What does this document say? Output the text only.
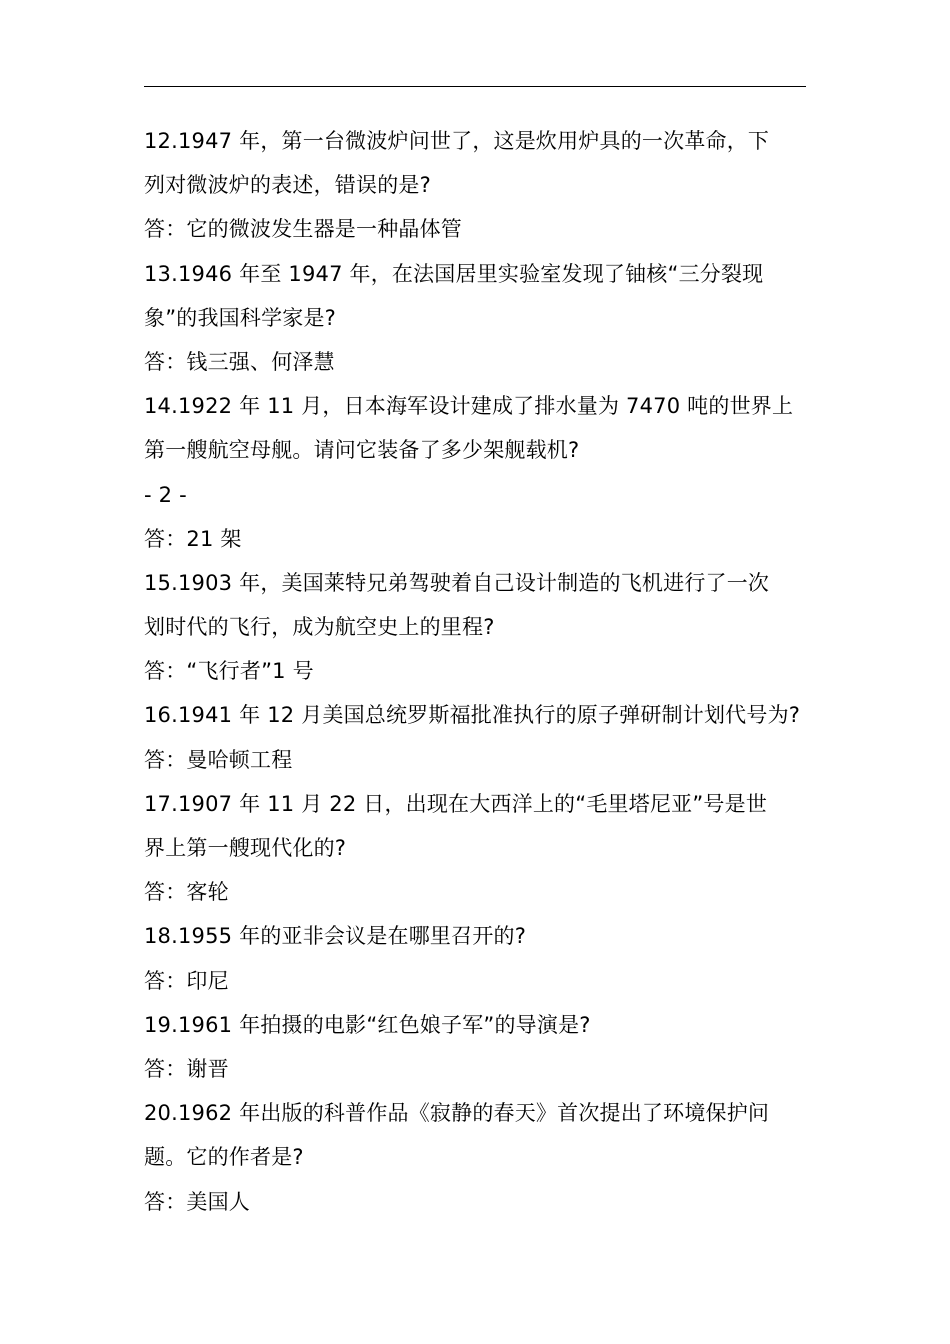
12.1947 年，第一台微波炉问世了，这是炊用炉具的一次革命，下
列对微波炉的表述，错误的是?
答：它的微波发生器是一种晶体管
13.1946 年至 1947 年，在法国居里实验室发现了铀核“三分裂现
象”的我国科学家是?
答：钱三强、何泽慧
14.1922 年 11 月，日本海军设计建成了排水量为 7470 吨的世界上
第一艘航空母舰。请问它装备了多少架舰载机?
- 2 -
答：21 架
15.1903 年，美国莱特兄弟驾驶着自己设计制造的飞机进行了一次
划时代的飞行，成为航空史上的里程?
答：“飞行者”1 号
16.1941 年 12 月美国总统罗斯福批准执行的原子弹研制计划代号为?
答：曼哈顿工程
17.1907 年 11 月 22 日，出现在大西洋上的“毛里塔尼亚”号是世
界上第一艘现代化的?
答：客轮
18.1955 年的亚非会议是在哪里召开的?
答：印尼
19.1961 年拍摄的电影“红色娘子军”的导演是?
答：谢晋
20.1962 年出版的科普作品《寂静的春天》首次提出了环境保护问
题。它的作者是?
答：美国人
